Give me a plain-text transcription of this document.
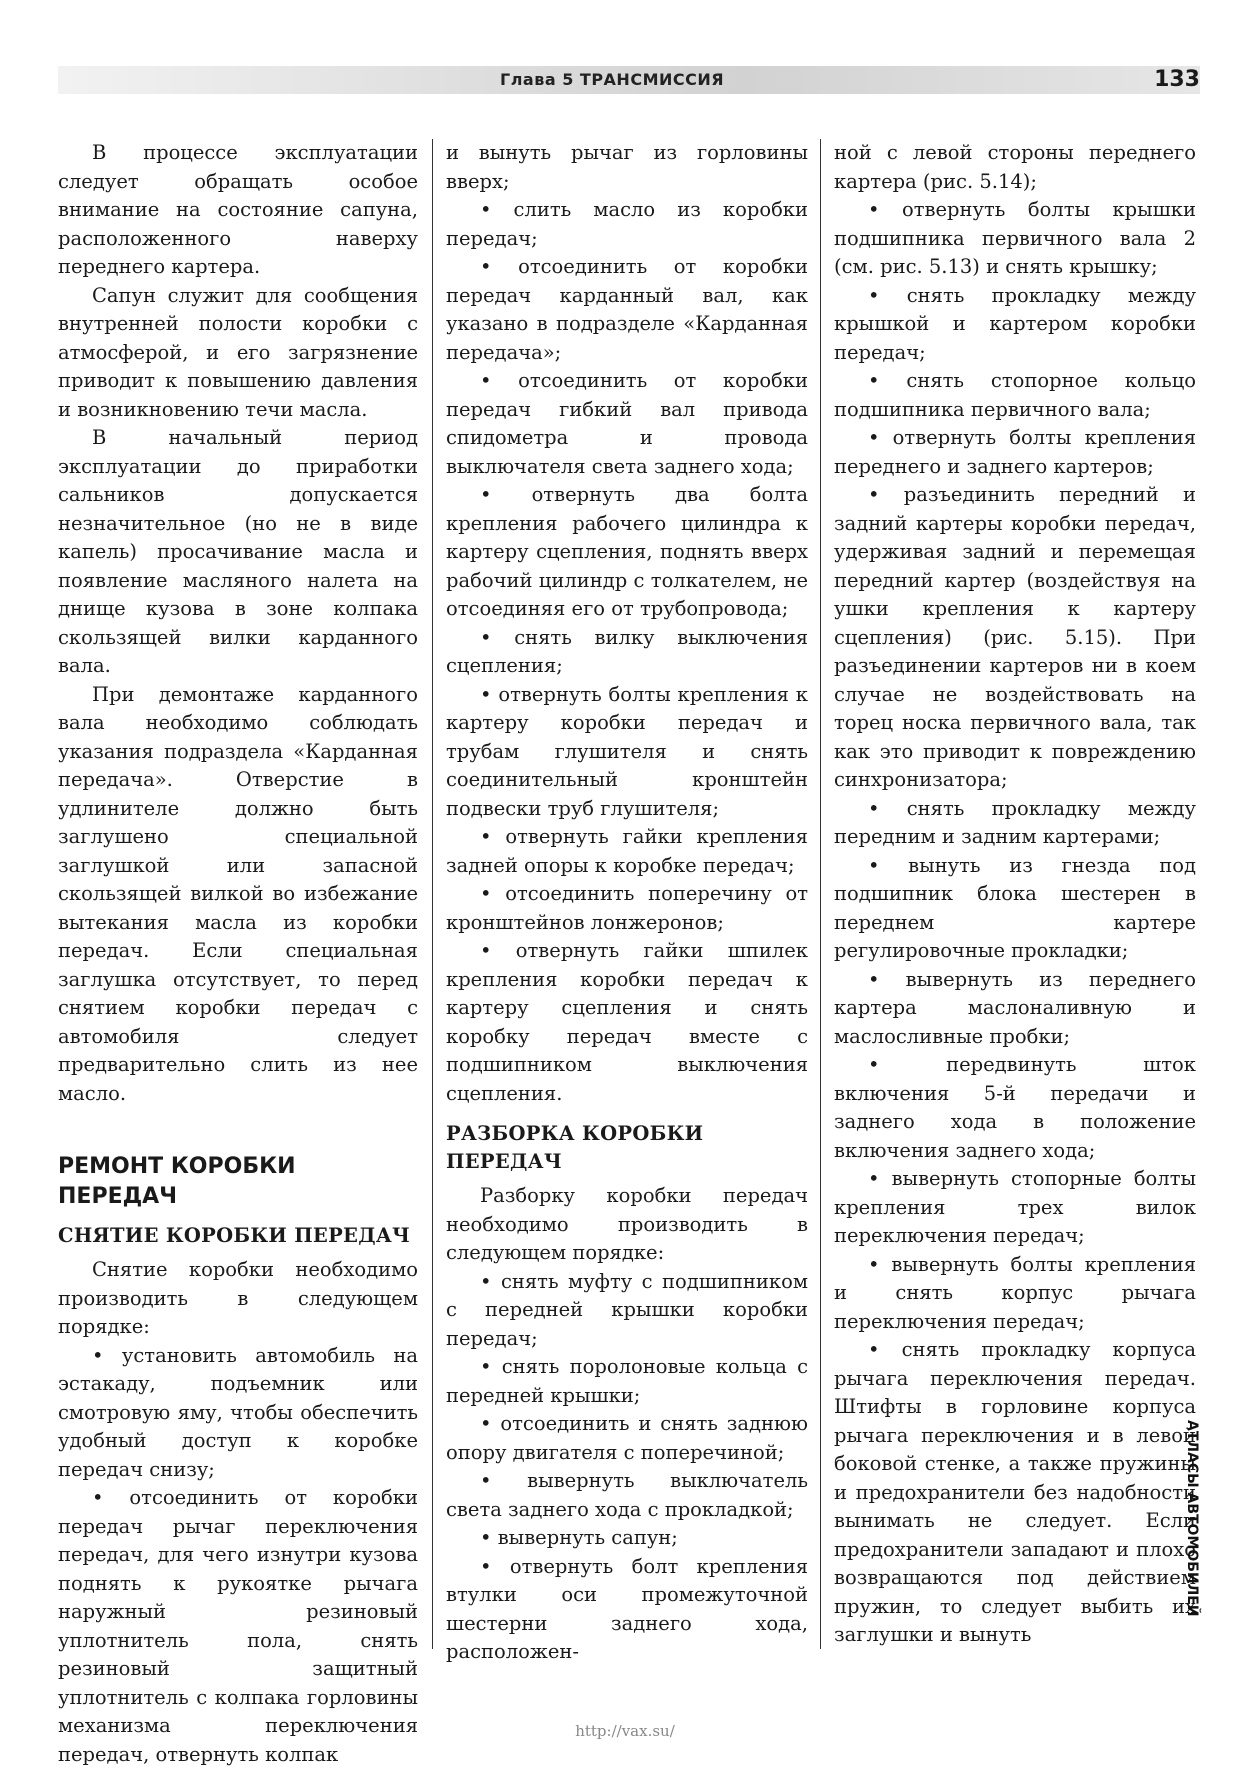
Глава 5 ТРАНСМИССИЯ	133

В процессе эксплуатации следует обращать особое внимание на состояние сапуна, расположенного наверху переднего картера.

Сапун служит для сообщения внутренней полости коробки с атмосферой, и его загрязнение приводит к повышению давления и возникновению течи масла.

В начальный период эксплуатации до приработки сальников допускается незначительное (но не в виде капель) просачивание масла и появление масляного налета на днище кузова в зоне колпака скользящей вилки карданного вала.

При демонтаже карданного вала необходимо соблюдать указания подраздела «Карданная передача». Отверстие в удлинителе должно быть заглушено специальной заглушкой или запасной скользящей вилкой во избежание вытекания масла из коробки передач. Если специальная заглушка отсутствует, то перед снятием коробки передач с автомобиля следует предварительно слить из нее масло.

РЕМОНТ КОРОБКИ ПЕРЕДАЧ
СНЯТИЕ КОРОБКИ ПЕРЕДАЧ

Снятие коробки необходимо производить в следующем порядке:

• установить автомобиль на эстакаду, подъемник или смотровую яму, чтобы обеспечить удобный доступ к коробке передач снизу;

• отсоединить от коробки передач рычаг переключения передач, для чего изнутри кузова поднять к рукоятке рычага наружный резиновый уплотнитель пола, снять резиновый защитный уплотнитель с колпака горловины механизма переключения передач, отвернуть колпак

и вынуть рычаг из горловины вверх;

• слить масло из коробки передач;

• отсоединить от коробки передач карданный вал, как указано в подразделе «Карданная передача»;

• отсоединить от коробки передач гибкий вал привода спидометра и провода выключателя света заднего хода;

• отвернуть два болта крепления рабочего цилиндра к картеру сцепления, поднять вверх рабочий цилиндр с толкателем, не отсоединяя его от трубопровода;

• снять вилку выключения сцепления;

• отвернуть болты крепления к картеру коробки передач и трубам глушителя и снять соединительный кронштейн подвески труб глушителя;

• отвернуть гайки крепления задней опоры к коробке передач;

• отсоединить поперечину от кронштейнов лонжеронов;

• отвернуть гайки шпилек крепления коробки передач к картеру сцепления и снять коробку передач вместе с подшипником выключения сцепления.

РАЗБОРКА КОРОБКИ ПЕРЕДАЧ

Разборку коробки передач необходимо производить в следующем порядке:

• снять муфту с подшипником с передней крышки коробки передач;

• снять поролоновые кольца с передней крышки;

• отсоединить и снять заднюю опору двигателя с поперечиной;

• вывернуть выключатель света заднего хода с прокладкой;

• вывернуть сапун;

• отвернуть болт крепления втулки оси промежуточной шестерни заднего хода, расположен-

ной с левой стороны переднего картера (рис. 5.14);

• отвернуть болты крышки подшипника первичного вала 2 (см. рис. 5.13) и снять крышку;

• снять прокладку между крышкой и картером коробки передач;

• снять стопорное кольцо подшипника первичного вала;

• отвернуть болты крепления переднего и заднего картеров;

• разъединить передний и задний картеры коробки передач, удерживая задний и перемещая передний картер (воздействуя на ушки крепления к картеру сцепления) (рис. 5.15). При разъединении картеров ни в коем случае не воздействовать на торец носка первичного вала, так как это приводит к повреждению синхронизатора;

• снять прокладку между передним и задним картерами;

• вынуть из гнезда под подшипник блока шестерен в переднем картере регулировочные прокладки;

• вывернуть из переднего картера маслоналивную и маслосливные пробки;

• передвинуть шток включения 5-й передачи и заднего хода в положение включения заднего хода;

• вывернуть стопорные болты крепления трех вилок переключения передач;

• вывернуть болты крепления и снять корпус рычага переключения передач;

• снять прокладку корпуса рычага переключения передач. Штифты в горловине корпуса рычага переключения и в левой боковой стенке, а также пружины и предохранители без надобности вынимать не следует. Если предохранители западают и плохо возвращаются под действием пружин, то следует выбить их заглушки и вынуть

АТЛАСЫ АВТОМОБИЛЕЙ
http://vax.su/
